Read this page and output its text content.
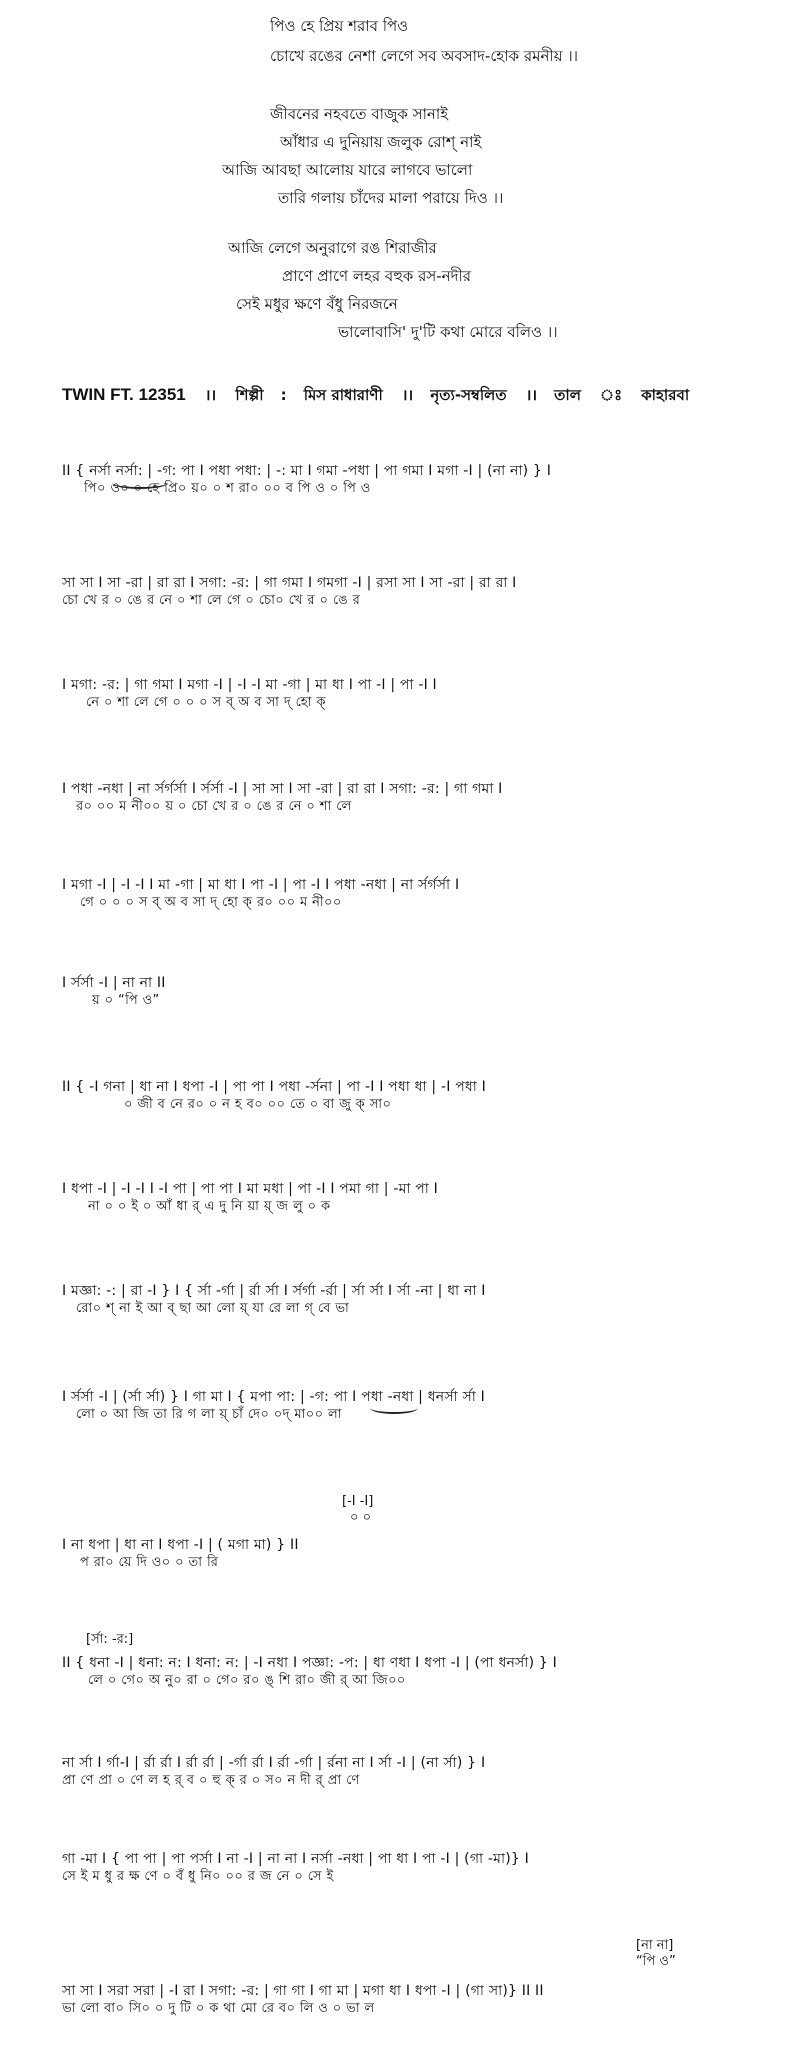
পিও হে প্রিয় শরাব পিও
চোখে রঙের নেশা লেগে সব অবসাদ-হোক রমনীয় ।।
জীবনের নহবতে বাজুক সানাই
আঁধার এ দুনিয়ায় জলুক রোশ্ নাই
আজি আবছা আলোয় যারে লাগবে ভালো
তারি গলায় চাঁদের মালা পরায়ে দিও ।।
আজি লেগে অনুরাগে রঙ শিরাজীর
প্রাণে প্রাণে লহর বহুক রস-নদীর
সেই মধুর ক্ষণে বঁধু নিরজনে
ভালোবাসি' দু'টি কথা মোরে বলিও ।।
TWIN FT. 12351 ।। শিল্পী : মিস রাধারাণী ।। নৃত্য-সম্বলিত ।। তাল ঃ কাহারবা
II { নর্সা নর্সা: | -গ: পা I পধা পধা: | -: মা I গমা -পধা | পা গমা I মগা -I | (না না) } I
পি০ ও০ ০ হে প্রি০ য়০ ০ শ রা০ ০০ ব পি ও ০ পি ও
সা সা I সা -রা | রা রা I সগা: -র: | গা গমা I গমগা -I | রসা সা I সা -রা | রা রা I
চো খে র ০ ঙে র নে ০ শা লে গে ০ চো০ খে র ০ ঙে র
I মগা: -র: | গা গমা I মগা -I | -I -I মা -গা | মা ধা I পা -I | পা -I I
নে ০ শা লে গে ০ ০ ০ স ব্ অ ব সা দ্ হো ক্
I পধা -নধা | না র্সর্গর্সা I র্সর্সা -I | সা সা I সা -রা | রা রা I সগা: -র: | গা গমা I
র০ ০০ ম নী০০ য় ০ চো খে র ০ ঙে র নে ০ শা লে
I মগা -I | -I -I I মা -গা | মা ধা I পা -I | পা -I I পধা -নধা | না র্সর্গর্সা I
গে ০ ০ ০ স ব্ অ ব সা দ্ হো ক্ র০ ০০ ম নী০০
I র্সর্সা -I | না না II
য় ০ “পি ও”
II { -I গনা | ধা না I ধপা -I | পা পা I পধা -র্সনা | পা -I I পধা ধা | -I পধা I
০ জী ব নে র০ ০ ন হ ব০ ০০ তে ০ বা জু ক্ সা০
I ধপা -I | -I -I I -I পা | পা পা I মা মধা | পা -I I পমা গা | -মা পা I
না ০ ০ ই ০ আঁ ধা র্ এ দু নি য়া য়্ জ লু ০ ক
I মজ্ঞা: -: | রা -I } I { র্সা -র্গা | র্রা র্সা I র্সর্গা -র্রা | র্সা র্সা I র্সা -না | ধা না I
রো০ শ্ না ই আ ব্ ছা আ লো য়্ যা রে লা গ্ বে ভা
I র্সর্সা -I | (র্সা র্সা) } I গা মা I { মপা পা: | -গ: পা I পধা -নধা | ধনর্সা র্সা I
লো ০ আ জি তা রি গ লা য়্ চাঁ দে০ ০দ্ মা০০ লা
[-I -I]
০ ০
I না ধপা | ধা না I ধপা -I | ( মগা মা) } II
প রা০ য়ে দি ও০ ০ তা রি
[র্সা: -র:]
II { ধনা -I | ধনা: ন: I ধনা: ন: | -I নধা I পজ্ঞা: -প: | ধা ণধা I ধপা -I | (পা ধনর্সা) } I
লে ০ গে০ অ নু০ রা ০ গে০ র০ ঙ্ শি রা০ জী র্ আ জি০০
না র্সা I র্গা-I | র্রা র্রা I র্রা র্রা | -র্গা র্রা I র্রা -র্গা | র্রনা না I র্সা -I | (না র্সা) } I
প্রা ণে প্রা ০ ণে ল হ র্ ব ০ হু ক্ র ০ স০ ন দী র্ প্রা ণে
গা -মা I { পা পা | পা পর্সা I না -I | না না I নর্সা -নধা | পা ধা I পা -I | (গা -মা)} I
সে ই ম ধু র ক্ষ ণে ০ বঁ ধু নি০ ০০ র জ নে ০ সে ই
[না না]
“পি ও”
সা সা I সরা সরা | -I রা I সগা: -র: | গা গা I গা মা | মগা ধা I ধপা -I | (গা সা)} II II
ভা লো বা০ সি০ ০ দু টি ০ ক থা মো রে ব০ লি ও ০ ভা ল
